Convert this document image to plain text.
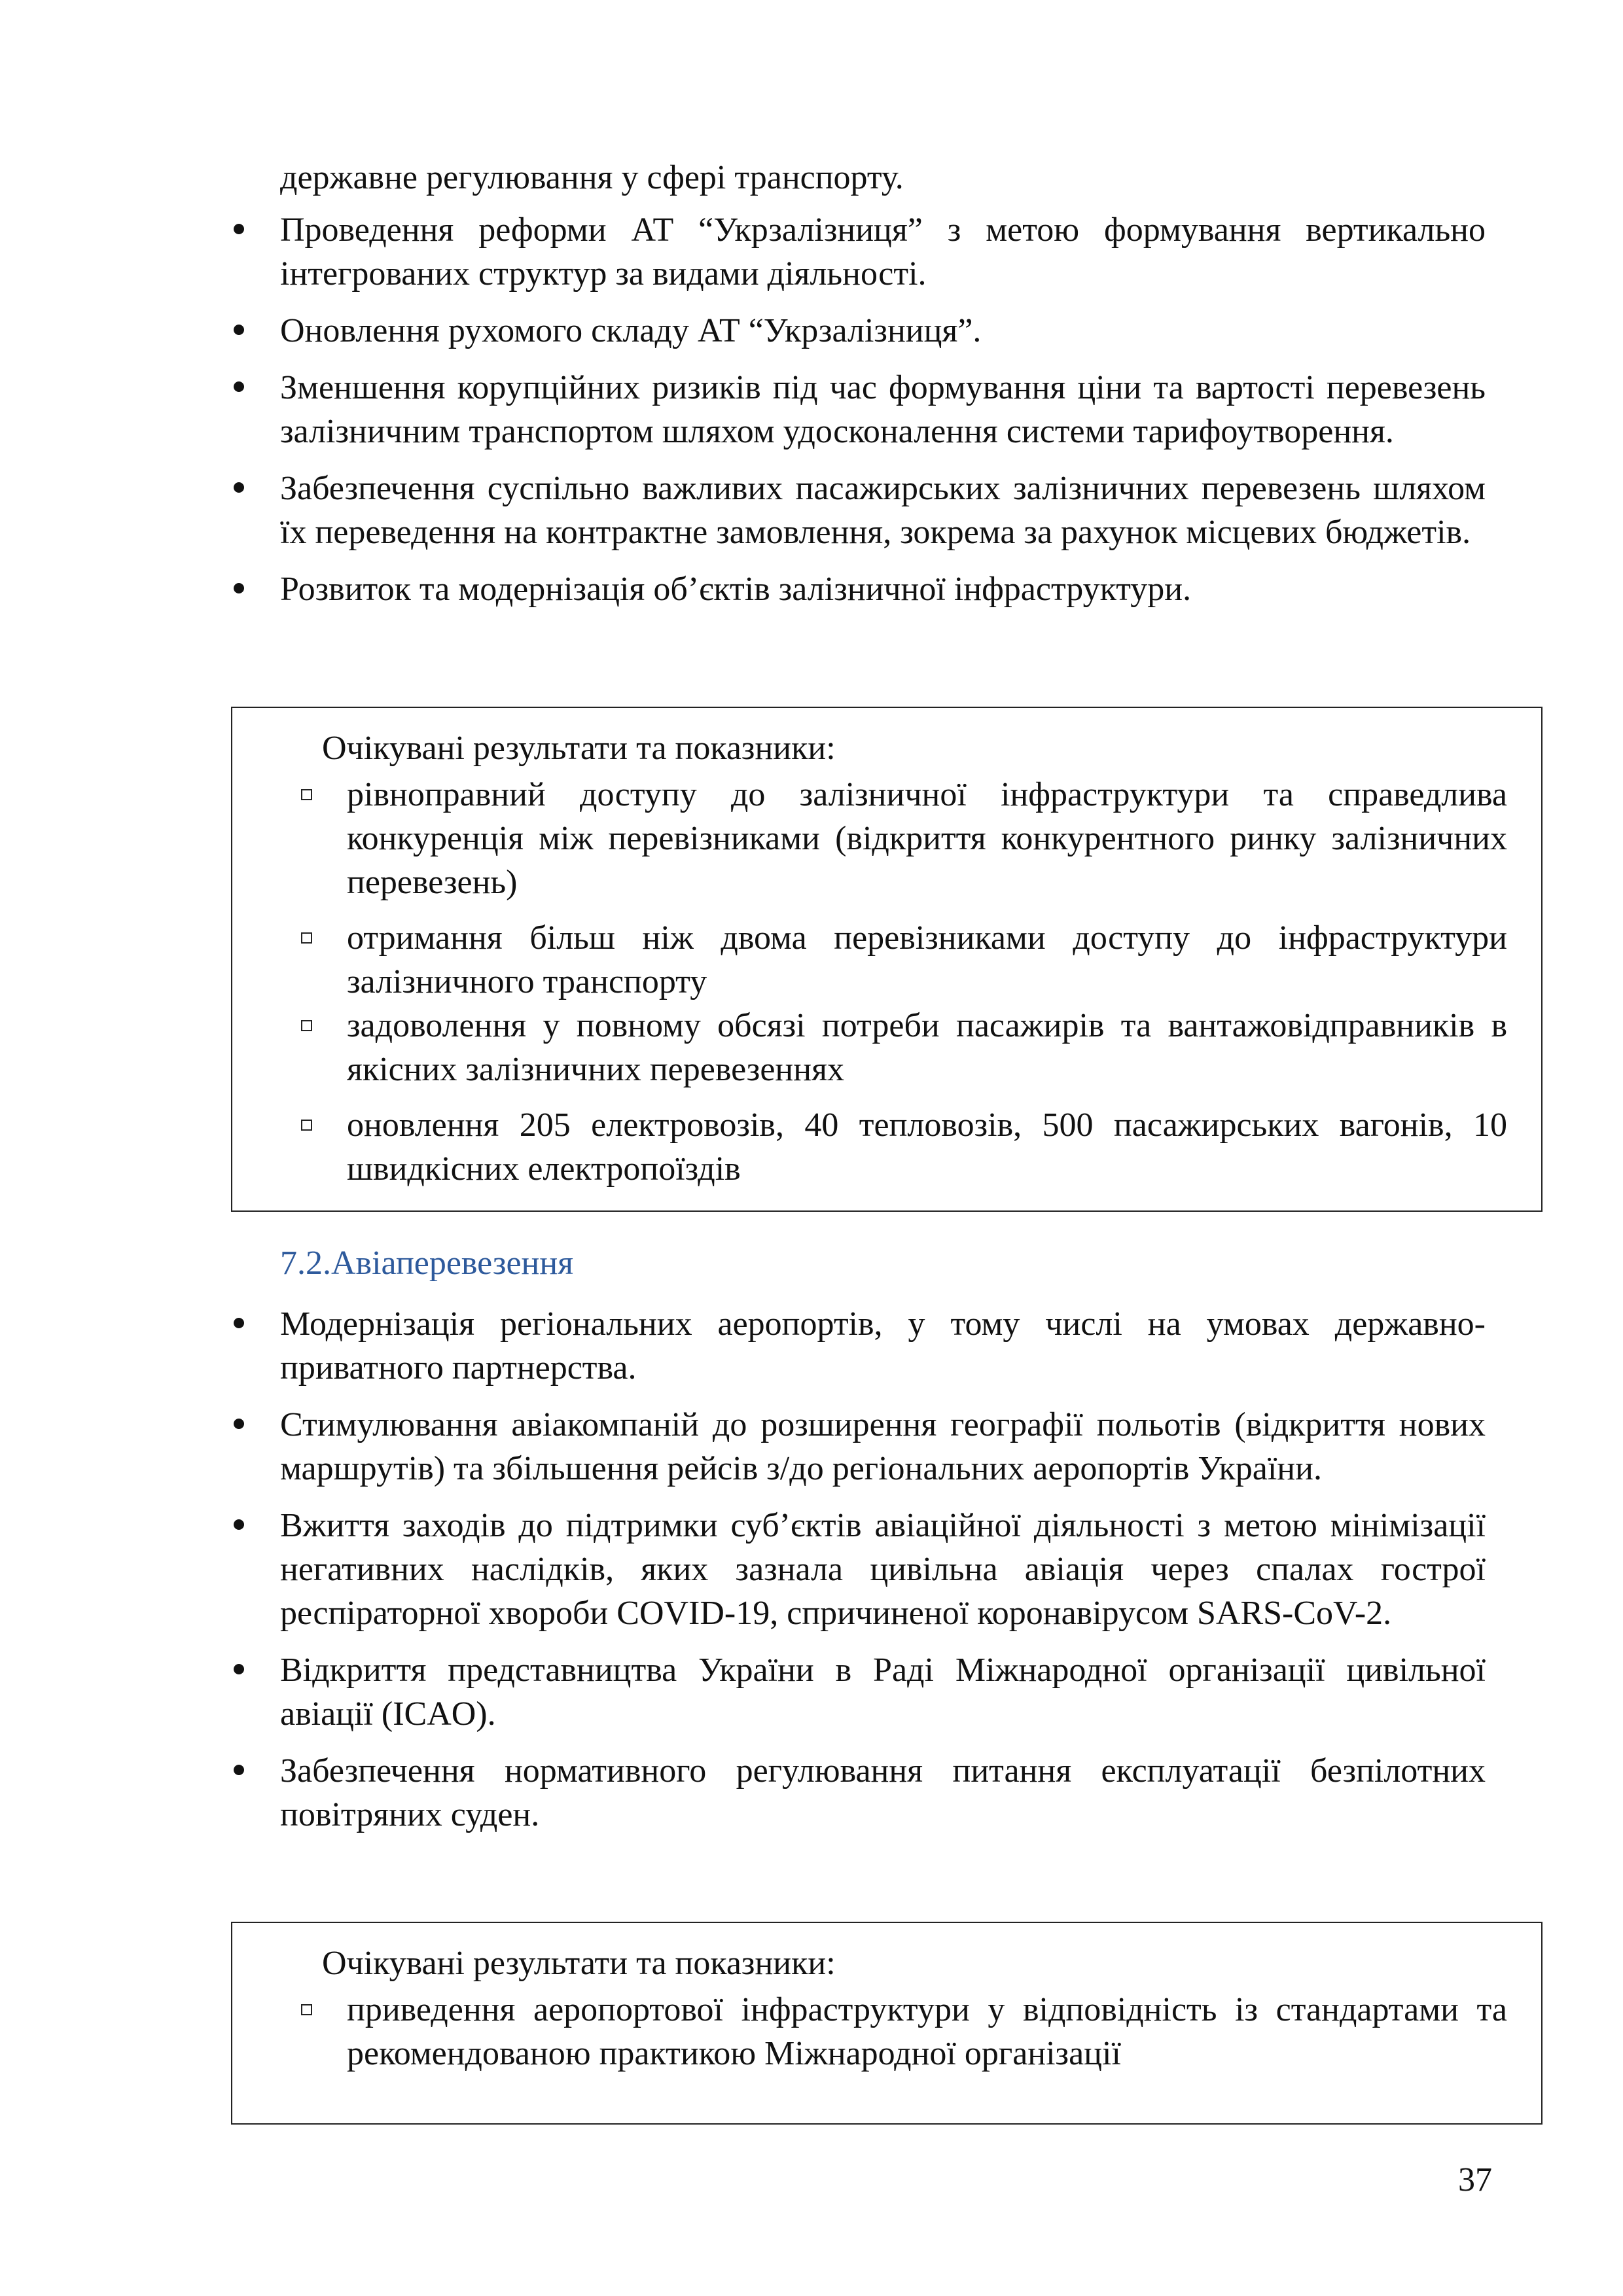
державне регулювання у сфері транспорту.
Проведення реформи АТ “Укрзалізниця” з метою формування вертикально інтегрованих структур за видами діяльності.
Оновлення рухомого складу АТ “Укрзалізниця”.
Зменшення корупційних ризиків під час формування ціни та вартості перевезень залізничним транспортом шляхом удосконалення системи тарифоутворення.
Забезпечення суспільно важливих пасажирських залізничних перевезень шляхом їх переведення на контрактне замовлення, зокрема за рахунок місцевих бюджетів.
Розвиток та модернізація об’єктів залізничної інфраструктури.
Очікувані результати та показники:
рівноправний доступу до залізничної інфраструктури та справедлива конкуренція між перевізниками (відкриття конкурентного ринку залізничних перевезень)
отримання більш ніж двома перевізниками доступу до інфраструктури залізничного транспорту
задоволення у повному обсязі потреби пасажирів та вантажовідправників в якісних залізничних перевезеннях
оновлення 205 електровозів, 40 тепловозів, 500 пасажирських вагонів, 10 швидкісних електропоїздів
7.2.Авіаперевезення
Модернізація регіональних аеропортів, у тому числі на умовах державно-приватного партнерства.
Стимулювання авіакомпаній до розширення географії польотів (відкриття нових маршрутів) та збільшення рейсів з/до регіональних аеропортів України.
Вжиття заходів до підтримки суб’єктів авіаційної діяльності з метою мінімізації негативних наслідків, яких зазнала цивільна авіація через спалах гострої респіраторної хвороби COVID-19, спричиненої коронавірусом SARS-CoV-2.
Відкриття представництва України в Раді Міжнародної організації цивільної авіації (ICAO).
Забезпечення нормативного регулювання питання експлуатації безпілотних повітряних суден.
Очікувані результати та показники:
приведення аеропортової інфраструктури у відповідність із стандартами та рекомендованою практикою Міжнародної організації
37
